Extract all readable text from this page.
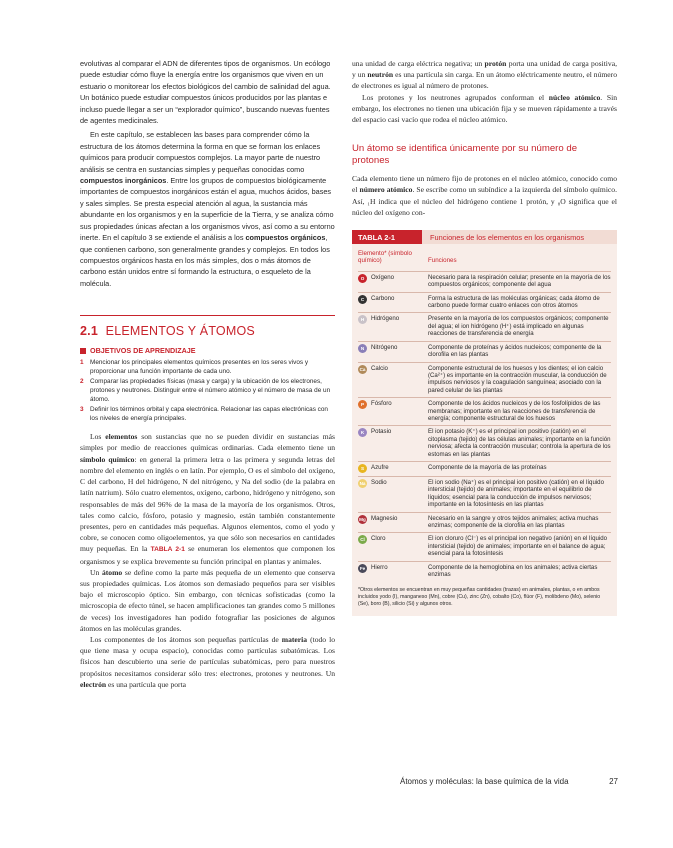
evolutivas al comparar el ADN de diferentes tipos de organismos. Un ecólogo puede estudiar cómo fluye la energía entre los organismos que viven en un estuario o monitorear los efectos biológicos del cambio de salinidad del agua. Un botánico puede estudiar compuestos únicos producidos por las plantas e incluso puede llegar a ser un “explorador químico”, buscando nuevas fuentes de agentes medicinales.

En este capítulo, se establecen las bases para comprender cómo la estructura de los átomos determina la forma en que se forman los enlaces químicos para producir compuestos complejos. La mayor parte de nuestro análisis se centra en sustancias simples y pequeñas conocidas como compuestos inorgánicos. Entre los grupos de compuestos biológicamente importantes de compuestos inorgánicos están el agua, muchos ácidos, bases y sales simples. Se presta especial atención al agua, la sustancia más abundante en los organismos y en la superficie de la Tierra, y se analiza cómo sus propiedades únicas afectan a los organismos vivos, así como a su entorno inerte. En el capítulo 3 se extiende el análisis a los compuestos orgánicos, que contienen carbono, son generalmente grandes y complejos. En todos los compuestos orgánicos hasta en los más simples, dos o más átomos de carbono están unidos entre sí formando la estructura, o esqueleto de la molécula.

2.1 ELEMENTOS Y ÁTOMOS
OBJETIVOS DE APRENDIZAJE
1	Mencionar los principales elementos químicos presentes en los seres vivos y proporcionar una función importante de cada uno.
2	Comparar las propiedades físicas (masa y carga) y la ubicación de los electrones, protones y neutrones. Distinguir entre el número atómico y el número de masa de un átomo.
3	Definir los términos orbital y capa electrónica. Relacionar las capas electrónicas con los niveles de energía principales.

Los elementos son sustancias que no se pueden dividir en sustancias más simples por medio de reacciones químicas ordinarias. Cada elemento tiene un símbolo químico: en general la primera letra o las primera y segunda letras del nombre del elemento en inglés o en latín. Por ejemplo, O es el símbolo del oxígeno, C del carbono, H del hidrógeno, N del nitrógeno, y Na del sodio (de la palabra en latín natrium). Sólo cuatro elementos, oxígeno, carbono, hidrógeno y nitrógeno, son responsables de más del 96% de la masa de la mayoría de los organismos. Otros, tales como calcio, fósforo, potasio y magnesio, están también constantemente presentes, pero en cantidades más pequeñas. Algunos elementos, como el yodo y cobre, se conocen como oligoelementos, ya que sólo son necesarios en cantidades muy pequeñas. En la TABLA 2-1 se enumeran los elementos que componen los organismos y se explica brevemente su función principal en plantas y animales.

Un átomo se define como la parte más pequeña de un elemento que conserva sus propiedades químicas. Los átomos son demasiado pequeños para ser visibles bajo el microscopio óptico. Sin embargo, con técnicas sofisticadas (como la microscopia de efecto túnel, se hacen amplificaciones tan grandes como 5 millones de veces) los investigadores han podido fotografiar las posiciones de algunos átomos en las moléculas grandes.

Los componentes de los átomos son pequeñas partículas de materia (todo lo que tiene masa y ocupa espacio), conocidas como partículas subatómicas. Los físicos han descubierto una serie de partículas subatómicas, pero para nuestros propósitos necesitamos considerar sólo tres: electrones, protones y neutrones. Un electrón es una partícula que porta

una unidad de carga eléctrica negativa; un protón porta una unidad de carga positiva, y un neutrón es una partícula sin carga. En un átomo eléctricamente neutro, el número de electrones es igual al número de protones.

Los protones y los neutrones agrupados conforman el núcleo atómico. Sin embargo, los electrones no tienen una ubicación fija y se mueven rápidamente a través del espacio casi vacío que rodea el núcleo atómico.

Un átomo se identifica únicamente por su número de protones

Cada elemento tiene un número fijo de protones en el núcleo atómico, conocido como el número atómico. Se escribe como un subíndice a la izquierda del símbolo químico. Así, ₁H indica que el núcleo del hidrógeno contiene 1 protón, y ₈O significa que el núcleo del oxígeno con-

TABLA 2-1	Funciones de los elementos en los organismos
Elemento* (símbolo químico)	Funciones
O	Oxígeno	Necesario para la respiración celular; presente en la mayoría de los compuestos orgánicos; componente del agua
C	Carbono	Forma la estructura de las moléculas orgánicas; cada átomo de carbono puede formar cuatro enlaces con otros átomos
H	Hidrógeno	Presente en la mayoría de los compuestos orgánicos; componente del agua; el ion hidrógeno (H⁺) está implicado en algunas reacciones de transferencia de energía
N	Nitrógeno	Componente de proteínas y ácidos nucleicos; componente de la clorofila en las plantas
Ca Calcio	Componente estructural de los huesos y los dientes; el ion calcio (Ca²⁺) es importante en la contracción muscular, la conducción de impulsos nerviosos y la coagulación sanguínea; asociado con la pared celular de las plantas
P	Fósforo	Componente de los ácidos nucleicos y de los fosfolípidos de las membranas; importante en las reacciones de transferencia de energía; componente estructural de los huesos
K	Potasio	El ion potasio (K⁺) es el principal ion positivo (catión) en el citoplasma (tejido) de las células animales; importante en la función nerviosa; afecta la contracción muscular; controla la apertura de los estomas en las plantas
S	Azufre	Componente de la mayoría de las proteínas
Na Sodio	El ion sodio (Na⁺) es el principal ion positivo (catión) en el líquido intersticial (tejido) de animales; importante en el equilibrio de líquidos; esencial para la conducción de impulsos nerviosos; importante en la fotosíntesis en las plantas
Mg Magnesio	Necesario en la sangre y otros tejidos animales; activa muchas enzimas; componente de la clorofila en las plantas
Cl	Cloro	El ion cloruro (Cl⁻) es el principal ion negativo (anión) en el líquido intersticial (tejido) de animales; importante en el balance de agua; esencial para la fotosíntesis
Fe Hierro	Componente de la hemoglobina en los animales; activa ciertas enzimas
*Otros elementos se encuentran en muy pequeñas cantidades (trazas) en animales, plantas, o en ambos incluidos yodo (I), manganeso (Mn), cobre (Cu), zinc (Zn), cobalto (Co), flúor (F), molibdeno (Mo), selenio (Se), boro (B), silicio (Si) y algunos otros.
Átomos y moléculas: la base química de la vida	27
